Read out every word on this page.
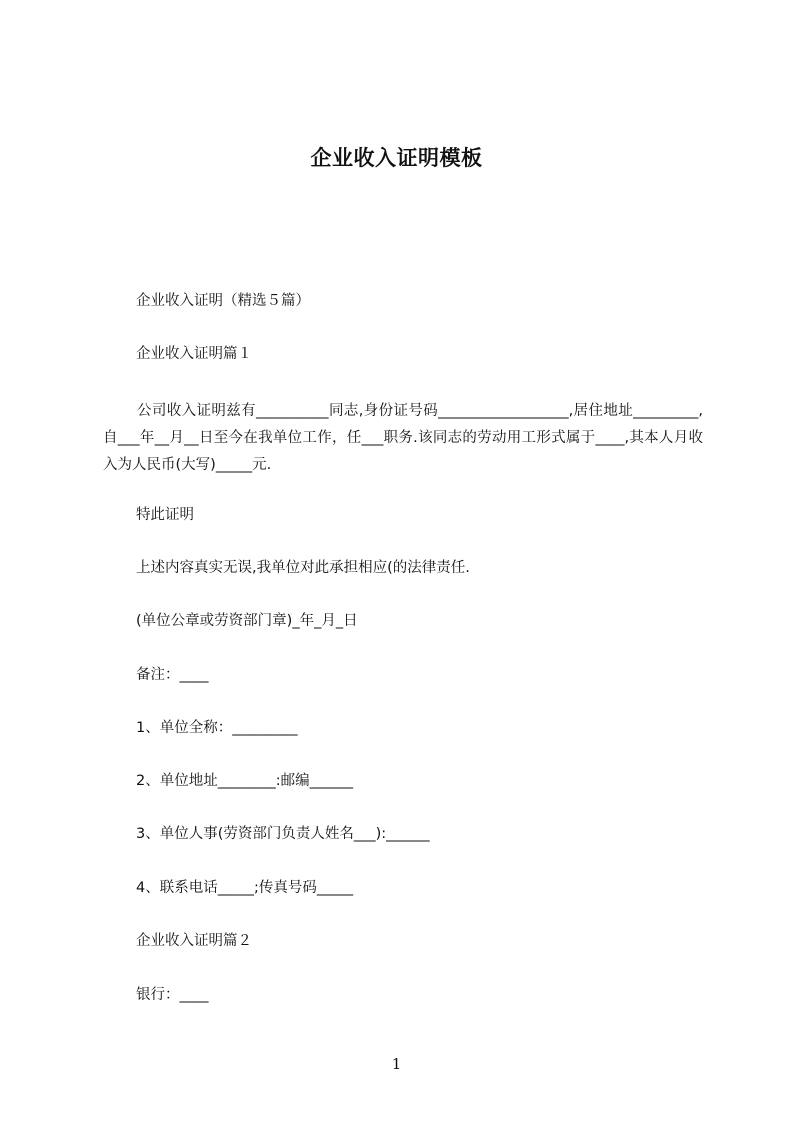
企业收入证明模板
企业收入证明（精选５篇）
企业收入证明篇１
公司收入证明兹有__________同志,身份证号码__________________,居住地址_________,自___年__月__日至今在我单位工作，任___职务.该同志的劳动用工形式属于____,其本人月收入为人民币(大写)_____元.
特此证明
上述内容真实无误,我单位对此承担相应(的法律责任.
(单位公章或劳资部门章)_年_月_日
备注：____
1、单位全称：_________
2、单位地址________:邮编______
3、单位人事(劳资部门负责人姓名___):______
4、联系电话_____;传真号码_____
企业收入证明篇２
银行：____
1
